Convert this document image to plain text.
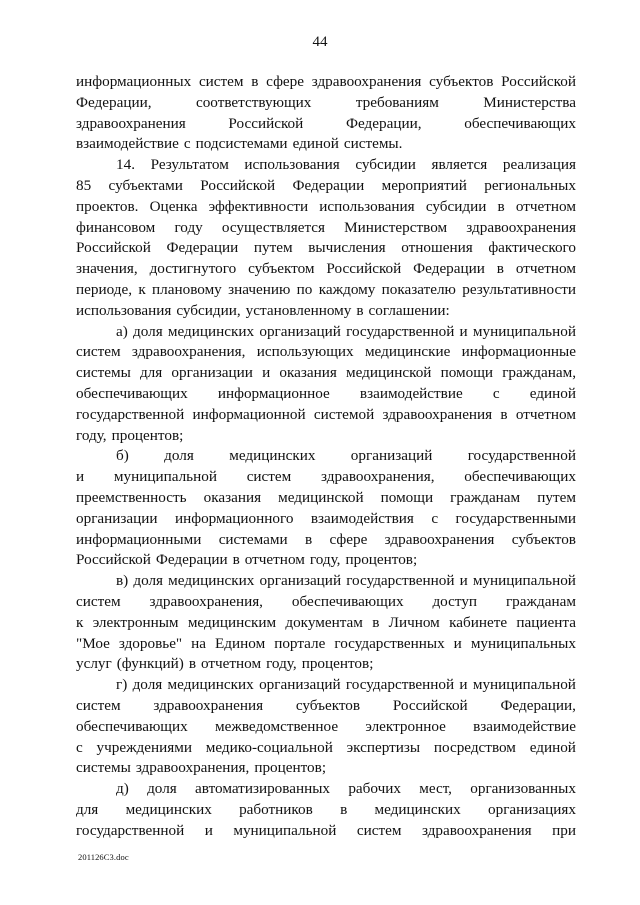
44
информационных систем в сфере здравоохранения субъектов Российской
Федерации,	соответствующих	требованиям	Министерства
здравоохранения	Российской	Федерации,	обеспечивающих
взаимодействие с подсистемами единой системы.
14. Результатом использования субсидии является реализация
85 субъектами Российской Федерации мероприятий региональных
проектов. Оценка эффективности использования субсидии в отчетном
финансовом году осуществляется Министерством здравоохранения
Российской Федерации путем вычисления отношения фактического
значения, достигнутого субъектом Российской Федерации в отчетном
периоде, к плановому значению по каждому показателю результативности
использования субсидии, установленному в соглашении:
а) доля медицинских организаций государственной и муниципальной
систем здравоохранения, использующих медицинские информационные
системы для организации и оказания медицинской помощи гражданам,
обеспечивающих информационное взаимодействие с единой
государственной информационной системой здравоохранения в отчетном
году, процентов;
б) доля медицинских организаций государственной
и муниципальной систем здравоохранения, обеспечивающих
преемственность оказания медицинской помощи гражданам путем
организации информационного взаимодействия с государственными
информационными системами в сфере здравоохранения субъектов
Российской Федерации в отчетном году, процентов;
в) доля медицинских организаций государственной и муниципальной
систем здравоохранения, обеспечивающих доступ гражданам
к электронным медицинским документам в Личном кабинете пациента
"Мое здоровье" на Едином портале государственных и муниципальных
услуг (функций) в отчетном году, процентов;
г) доля медицинских организаций государственной и муниципальной
систем здравоохранения субъектов Российской Федерации,
обеспечивающих межведомственное электронное взаимодействие
с учреждениями медико-социальной экспертизы посредством единой
системы здравоохранения, процентов;
д) доля автоматизированных рабочих мест, организованных
для медицинских работников в медицинских организациях
государственной и муниципальной систем здравоохранения при
201126С3.doc
